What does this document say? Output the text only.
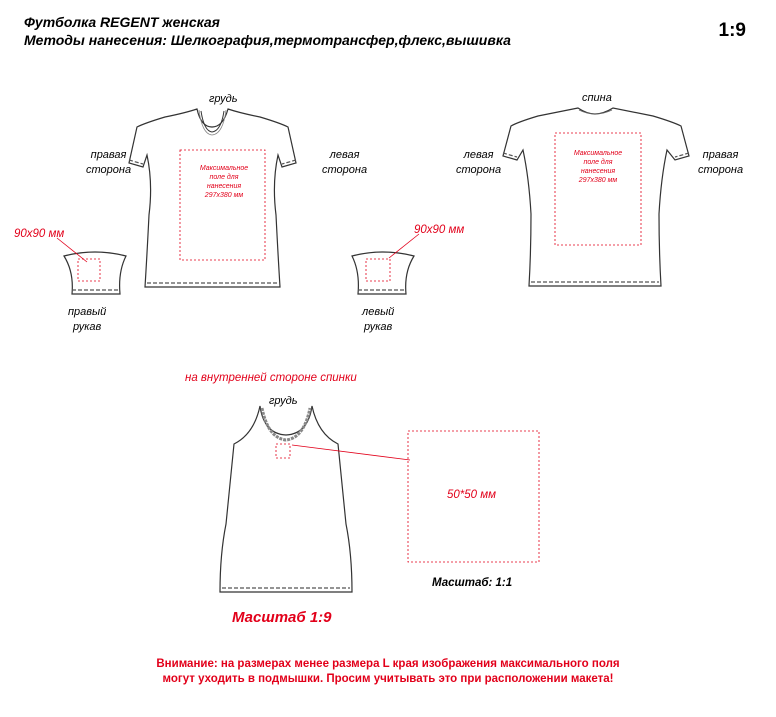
Футболка REGENT женская
Методы нанесения: Шелкография,термотрансфер,флекс,вышивка	1:9
грудь
правая
сторона
левая
сторона
Максимальное
поле для
нанесения
297x380 мм
спина
левая
сторона
правая
сторона
Максимальное
поле для
нанесения
297x380 мм
90x90 мм
правый
рукав
90x90 мм
левый
рукав
на внутренней стороне спинки
грудь
50*50 мм
Масштаб: 1:1
Масштаб 1:9
Внимание: на размерах менее размера L края изображения максимального поля
могут уходить в подмышки. Просим учитывать это при расположении макета!
